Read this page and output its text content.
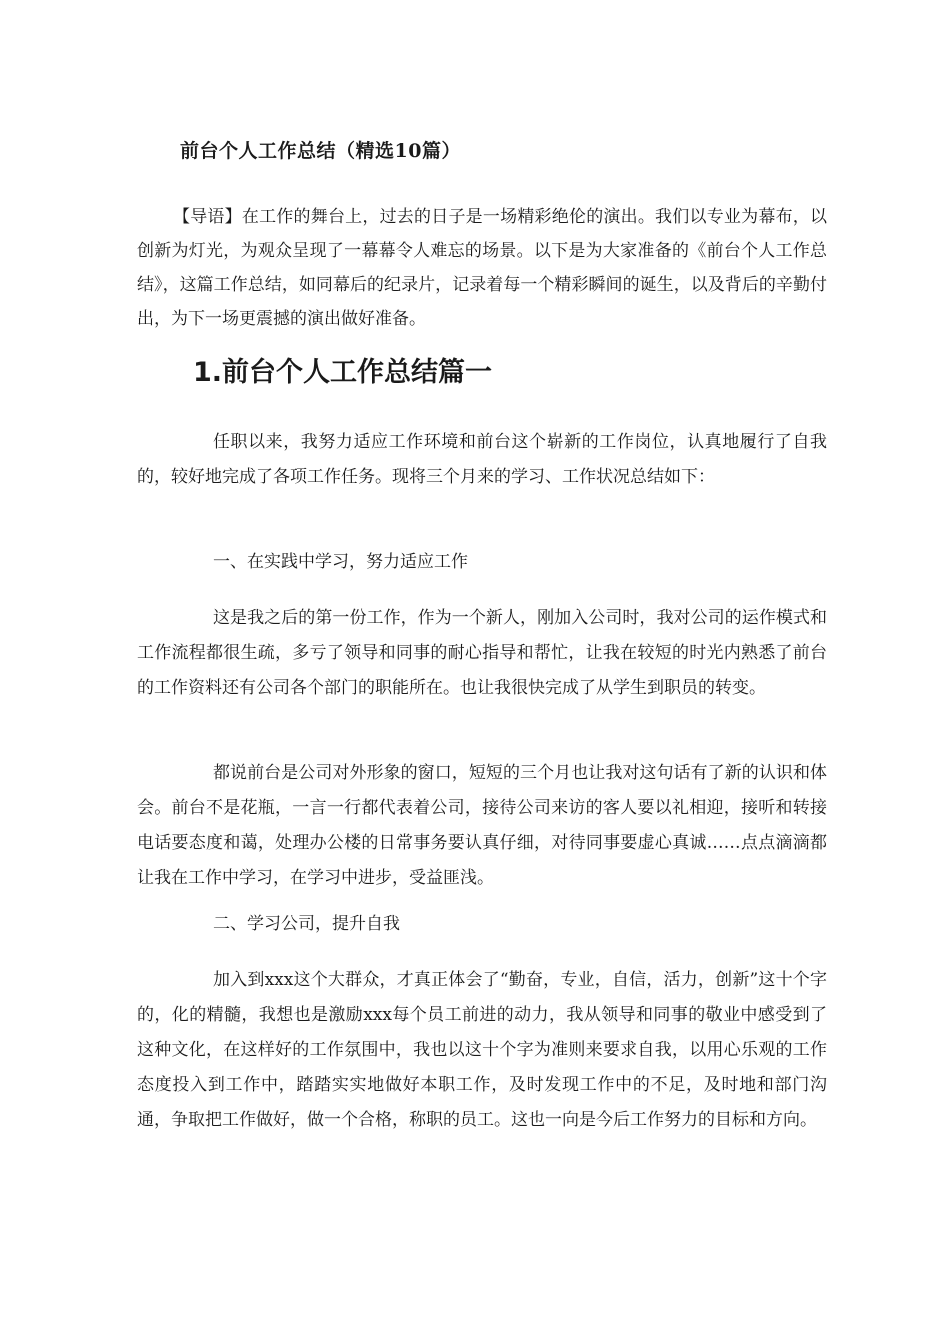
前台个人工作总结（精选10篇）
【导语】在工作的舞台上，过去的日子是一场精彩绝伦的演出。我们以专业为幕布，以创新为灯光，为观众呈现了一幕幕令人难忘的场景。以下是为大家准备的《前台个人工作总结》，这篇工作总结，如同幕后的纪录片，记录着每一个精彩瞬间的诞生，以及背后的辛勤付出，为下一场更震撼的演出做好准备。
1.前台个人工作总结篇一
任职以来，我努力适应工作环境和前台这个崭新的工作岗位，认真地履行了自我的，较好地完成了各项工作任务。现将三个月来的学习、工作状况总结如下：
一、在实践中学习，努力适应工作
这是我之后的第一份工作，作为一个新人，刚加入公司时，我对公司的运作模式和工作流程都很生疏，多亏了领导和同事的耐心指导和帮忙，让我在较短的时光内熟悉了前台的工作资料还有公司各个部门的职能所在。也让我很快完成了从学生到职员的转变。
都说前台是公司对外形象的窗口，短短的三个月也让我对这句话有了新的认识和体会。前台不是花瓶，一言一行都代表着公司，接待公司来访的客人要以礼相迎，接听和转接电话要态度和蔼，处理办公楼的日常事务要认真仔细，对待同事要虚心真诚……点点滴滴都让我在工作中学习，在学习中进步，受益匪浅。
二、学习公司，提升自我
加入到xxx这个大群众，才真正体会了“勤奋，专业，自信，活力，创新”这十个字的，化的精髓，我想也是激励xxx每个员工前进的动力，我从领导和同事的敬业中感受到了这种文化，在这样好的工作氛围中，我也以这十个字为准则来要求自我，以用心乐观的工作态度投入到工作中，踏踏实实地做好本职工作，及时发现工作中的不足，及时地和部门沟通，争取把工作做好，做一个合格，称职的员工。这也一向是今后工作努力的目标和方向。
